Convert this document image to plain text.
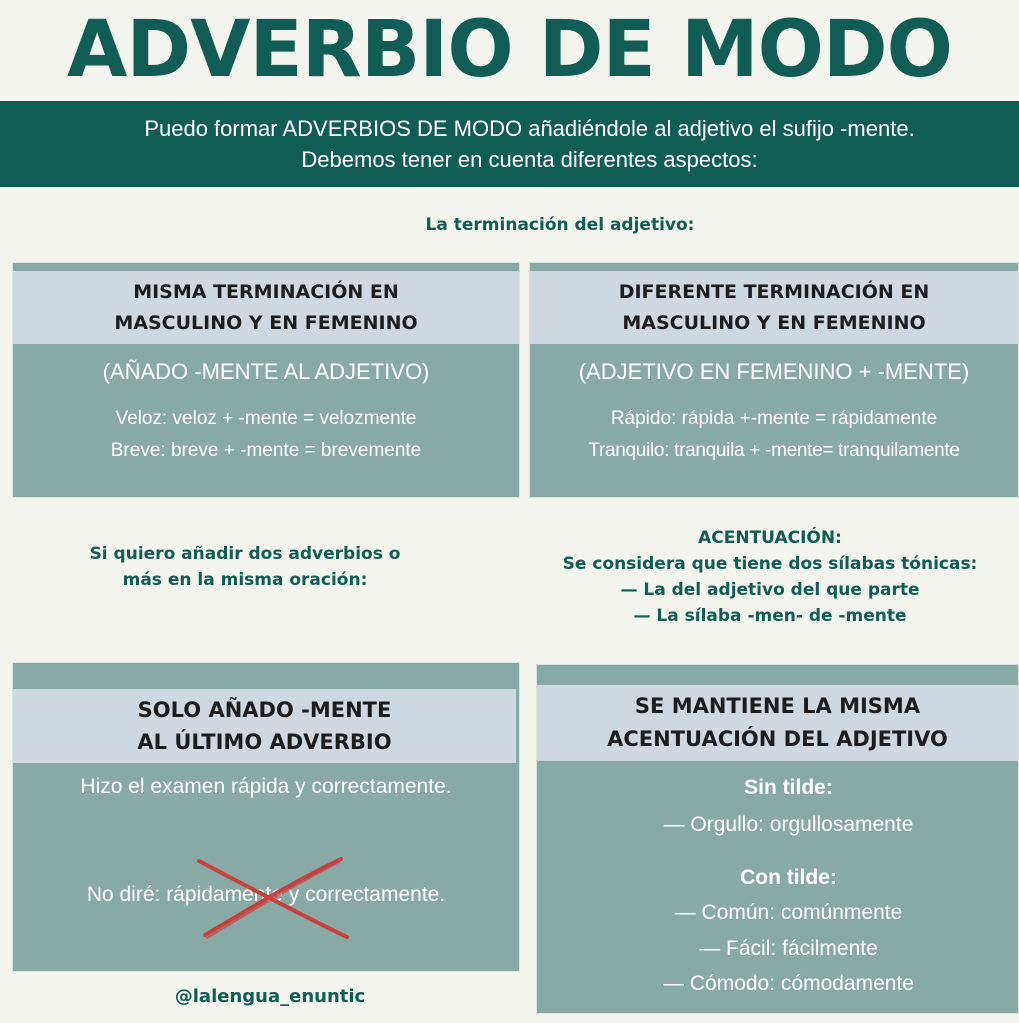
ADVERBIO DE MODO
Puedo formar ADVERBIOS DE MODO añadiéndole al adjetivo el sufijo -mente.
Debemos tener en cuenta diferentes aspectos:
La terminación del adjetivo:
MISMA TERMINACIÓN EN
MASCULINO Y EN FEMENINO
(AÑADO -MENTE AL ADJETIVO)
Veloz: veloz + -mente = velozmente
Breve: breve + -mente = brevemente
DIFERENTE TERMINACIÓN EN
MASCULINO Y EN FEMENINO
(ADJETIVO EN FEMENINO + -MENTE)
Rápido: rápida +-mente = rápidamente
Tranquilo: tranquila + -mente= tranquilamente
Si quiero añadir dos adverbios o
más en la misma oración:
ACENTUACIÓN:
Se considera que tiene dos sílabas tónicas:
— La del adjetivo del que parte
— La sílaba -men- de -mente
SOLO AÑADO -MENTE
AL ÚLTIMO ADVERBIO
Hizo el examen rápida y correctamente.
No diré: rápidamente y correctamente.
SE MANTIENE LA MISMA
ACENTUACIÓN DEL ADJETIVO
Sin tilde:
— Orgullo: orgullosamente
Con tilde:
— Común: comúnmente
— Fácil: fácilmente
— Cómodo: cómodamente
@lalengua_enuntic
